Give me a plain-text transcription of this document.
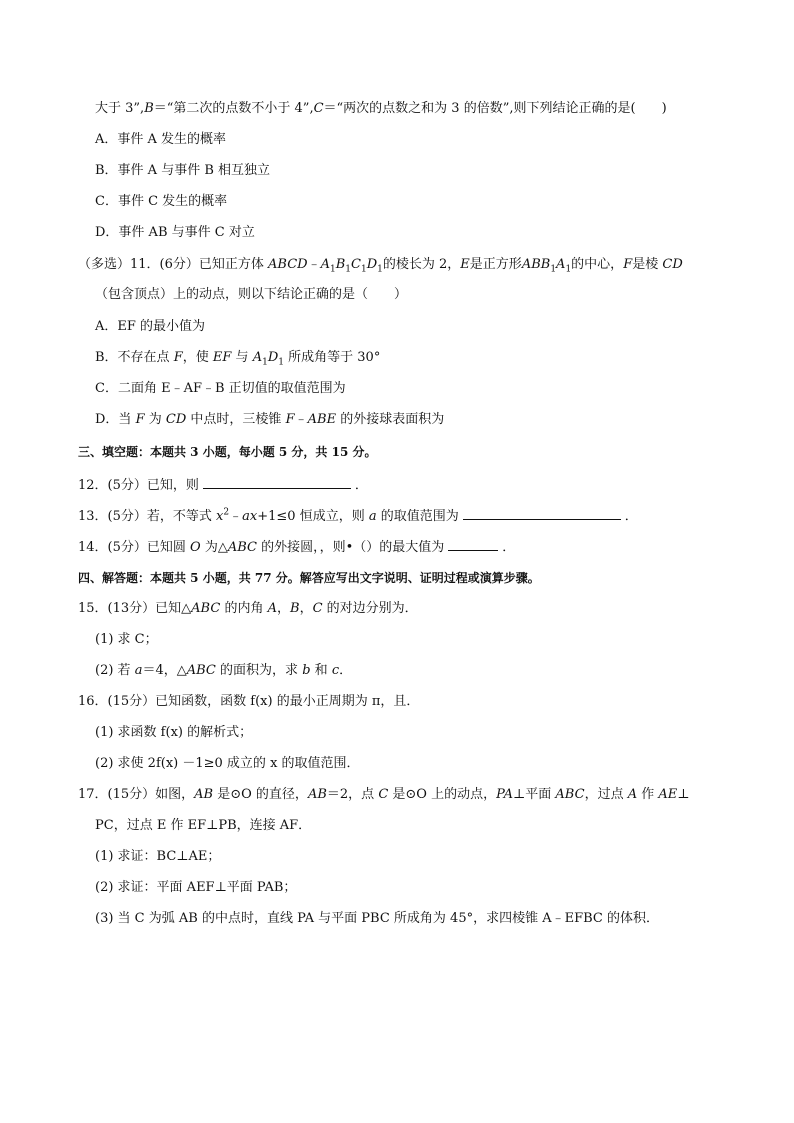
大于 3”,B＝“第二次的点数不小于 4”,C＝“两次的点数之和为 3 的倍数”,则下列结论正确的是(　　)
A．事件 A 发生的概率
B．事件 A 与事件 B 相互独立
C．事件 C 发生的概率
D．事件 AB 与事件 C 对立
（多选）11．(6分）已知正方体 $ABCD﹣A_1B_1C_1D_1$的棱长为 2，E是正方形$ABB_1A_1$的中心，F是棱 CD
（包含顶点）上的动点，则以下结论正确的是（　　）
A．EF 的最小值为
B．不存在点 F，使 EF 与 $A_1D_1$ 所成角等于 30°
C．二面角 E﹣AF﹣B 正切值的取值范围为
D．当 F 为 CD 中点时，三棱锥 F﹣ABE 的外接球表面积为
三、填空题：本题共 3 小题，每小题 5 分，共 15 分。
12．(5分）已知，则	．
13．(5分）若，不等式 $x^2﹣ax+1\le 0$ 恒成立，则 a 的取值范围为	．
14．(5分）已知圆 O 为△ABC 的外接圆，，则•（）的最大值为	．
四、解答题：本题共 5 小题，共 77 分。解答应写出文字说明、证明过程或演算步骤。
15．(13分）已知△ABC 的内角 A，B，C 的对边分别为．
(1) 求 C；
(2) 若 a＝4，△ABC 的面积为，求 b 和 c．
16．(15分）已知函数，函数 f(x) 的最小正周期为 π，且．
(1) 求函数 f(x) 的解析式；
(2) 求使 2f(x) －1≥0 成立的 x 的取值范围．
17．(15分）如图，AB 是⊙O 的直径，AB＝2，点 C 是⊙O 上的动点，PA⊥平面 ABC，过点 A 作 AE⊥
PC，过点 E 作 EF⊥PB，连接 AF．
(1) 求证：BC⊥AE；
(2) 求证：平面 AEF⊥平面 PAB；
(3) 当 C 为弧 AB 的中点时，直线 PA 与平面 PBC 所成角为 45°，求四棱锥 A﹣EFBC 的体积．
